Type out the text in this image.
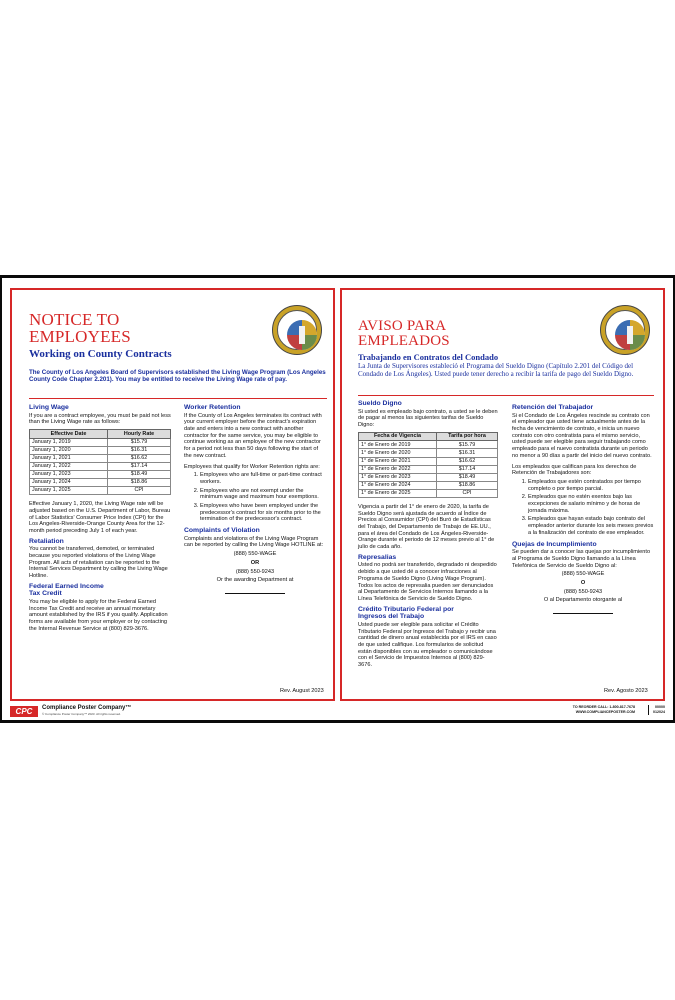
NOTICE TO
EMPLOYEES
Working on County Contracts
The County of Los Angeles Board of Supervisors established the Living Wage Program (Los Angeles County Code Chapter 2.201). You may be entitled to receive the Living Wage rate of pay.
Living Wage

If you are a contract employee, you must be paid not less than the Living Wage rate as follows:

Effective Date	Hourly Rate
January 1, 2019	$15.79
January 1, 2020	$16.31
January 1, 2021	$16.62
January 1, 2022	$17.14
January 1, 2023	$18.49
January 1, 2024	$18.86
January 1, 2025	CPI

Effective January 1, 2020, the Living Wage rate will be adjusted based on the U.S. Department of Labor, Bureau of Labor Statistics' Consumer Price Index (CPI) for the Los Angeles-Riverside-Orange County Area for the 12-month period preceding July 1 of each year.

Retaliation

You cannot be transferred, demoted, or terminated because you reported violations of the Living Wage Program. All acts of retaliation can be reported to the Internal Services Department by calling the Living Wage Hotline.

Federal Earned Income
Tax Credit

You may be eligible to apply for the Federal Earned Income Tax Credit and receive an annual monetary amount established by the IRS if you qualify. Application forms are available from your employer or by contacting the Internal Revenue Service at (800) 829-3676.

Worker Retention

If the County of Los Angeles terminates its contract with your current employer before the contract's expiration date and enters into a new contract with another contractor for the same service, you may be eligible to continue working as an employee of the new contractor for a period not less than 50 days following the start of the new contract.

Employees that qualify for Worker Retention rights are:

1. Employees who are full-time or part-time contract workers.
2. Employees who are not exempt under the minimum wage and maximum hour exemptions.
3. Employees who have been employed under the predecessor's contract for six months prior to the termination of the predecessor's contract.
Complaints of Violation

Complaints and violations of the Living Wage Program can be reported by calling the Living Wage HOTLINE at:

(888) 550-WAGE

OR

(888) 550-9243

Or the awarding Department at

Rev. August 2023
AVISO PARA
EMPLEADOS
Trabajando en Contratos del Condado
La Junta de Supervisores estableció el Programa del Sueldo Digno (Capítulo 2.201 del Código del Condado de Los Ángeles). Usted puede tener derecho a recibir la tarifa de pago del Sueldo Digno.
Sueldo Digno

Si usted es empleado bajo contrato, a usted se le deben de pagar al menos las siguientes tarifas de Sueldo Digno:

Fecha de Vigencia	Tarifa por hora
1° de Enero de 2019	$15.79
1° de Enero de 2020	$16.31
1° de Enero de 2021	$16.62
1° de Enero de 2022	$17.14
1° de Enero de 2023	$18.49
1° de Enero de 2024	$18.86
1° de Enero de 2025	CPI

Vigencia a partir del 1° de enero de 2020, la tarifa de Sueldo Digno será ajustada de acuerdo al Índice de Precios al Consumidor (CPI) del Buró de Estadísticas del Trabajo, del Departamento de Trabajo de EE.UU., para el área del Condado de Los Ángeles-Riverside-Orange durante el periodo de 12 meses previo al 1° de julio de cada año.

Represalias

Usted no podrá ser transferido, degradado ni despedido debido a que usted dé a conocer infracciones al Programa de Sueldo Digno (Living Wage Program). Todos los actos de represalia pueden ser denunciados al Departamento de Servicios Internos llamando a la Línea Telefónica de Servicio de Sueldo Digno.

Crédito Tributario Federal por
Ingresos del Trabajo

Usted puede ser elegible para solicitar el Crédito Tributario Federal por Ingresos del Trabajo y recibir una cantidad de dinero anual establecida por el IRS en caso de que usted califique. Los formularios de solicitud están disponibles con su empleador o comunicándose con el Servicio de Impuestos Internos al (800) 829-3676.

Retención del Trabajador

Si el Condado de Los Ángeles rescinde su contrato con el empleador que usted tiene actualmente antes de la fecha de vencimiento de contrato, e inicia un nuevo contrato con otro contratista para el mismo servicio, usted puede ser elegible para seguir trabajando como empleado para el nuevo contratista durante un periodo no menor a 90 días a partir del inicio del nuevo contrato.

Los empleados que califican para los derechos de Retención de Trabajadores son:

1. Empleados que estén contratados por tiempo completo o por tiempo parcial.
2. Empleados que no estén exentos bajo las excepciones de salario mínimo y de horas de jornada máxima.
3. Empleados que hayan estado bajo contrato del empleador anterior durante los seis meses previos a la finalización del contrato de ese empleador.
Quejas de Incumplimiento

Se pueden dar a conocer las quejas por incumplimiento al Programa de Sueldo Digno llamando a la Línea Telefónica de Servicio de Sueldo Digno al:

(888) 550-WAGE

O

(888) 550-9243

O al Departamento otorgante al

Rev. Agosto 2023
CPC	Compliance Poster Company™
© Compliance Poster Company™ 2023. All rights reserved.
TO REORDER CALL: 1-800-817-7678
WWW.COMPLIANCEPOSTER.COM
00000
012024
